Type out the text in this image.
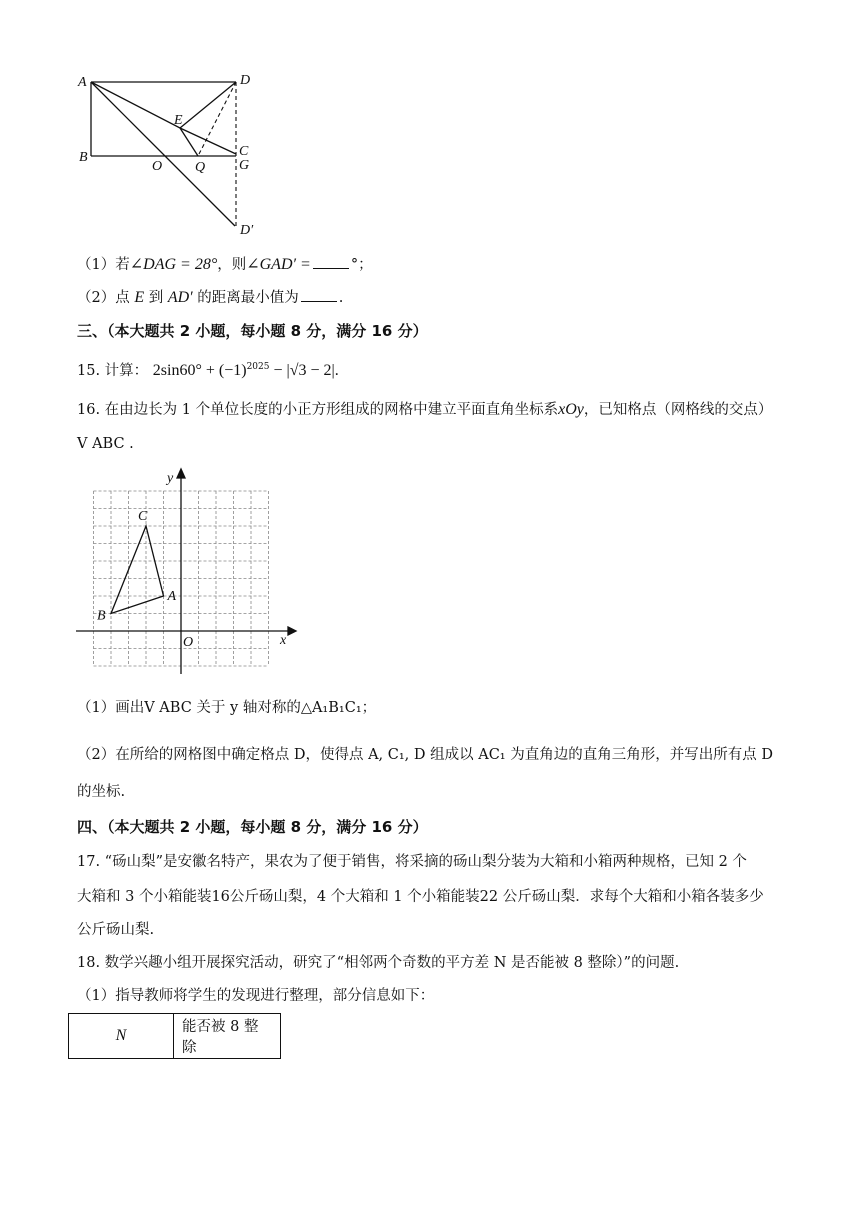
A	D
E
B
O Q
C
G
D′
（1）若∠DAG = 28°，则∠GAD′ =	°；
（2）点 E 到 AD′ 的距离最小值为	.
三、（本大题共 2 小题，每小题 8 分，满分 16 分）
15. 计算： $2\sin 60^\circ + (-1)^{2025} - |√3 - 2|$.
16. 在由边长为 1 个单位长度的小正方形组成的网格中建立平面直角坐标系xOy，已知格点（网格线的交点）
V ABC .
y
x
O
A
B
C
（1）画出V ABC 关于 y 轴对称的△A₁B₁C₁；
（2）在所给的网格图中确定格点 D，使得点 A, C₁, D 组成以 AC₁ 为直角边的直角三角形，并写出所有点 D
的坐标.
四、（本大题共 2 小题，每小题 8 分，满分 16 分）
17. “砀山梨”是安徽名特产，果农为了便于销售，将采摘的砀山梨分装为大箱和小箱两种规格，已知 2 个
大箱和 3 个小箱能装16公斤砀山梨，4 个大箱和 1 个小箱能装22 公斤砀山梨．求每个大箱和小箱各装多少
公斤砀山梨.
18. 数学兴趣小组开展探究活动，研究了“相邻两个奇数的平方差 N 是否能被 8 整除）”的问题.
（1）指导教师将学生的发现进行整理，部分信息如下：
N	能否被 8 整除
